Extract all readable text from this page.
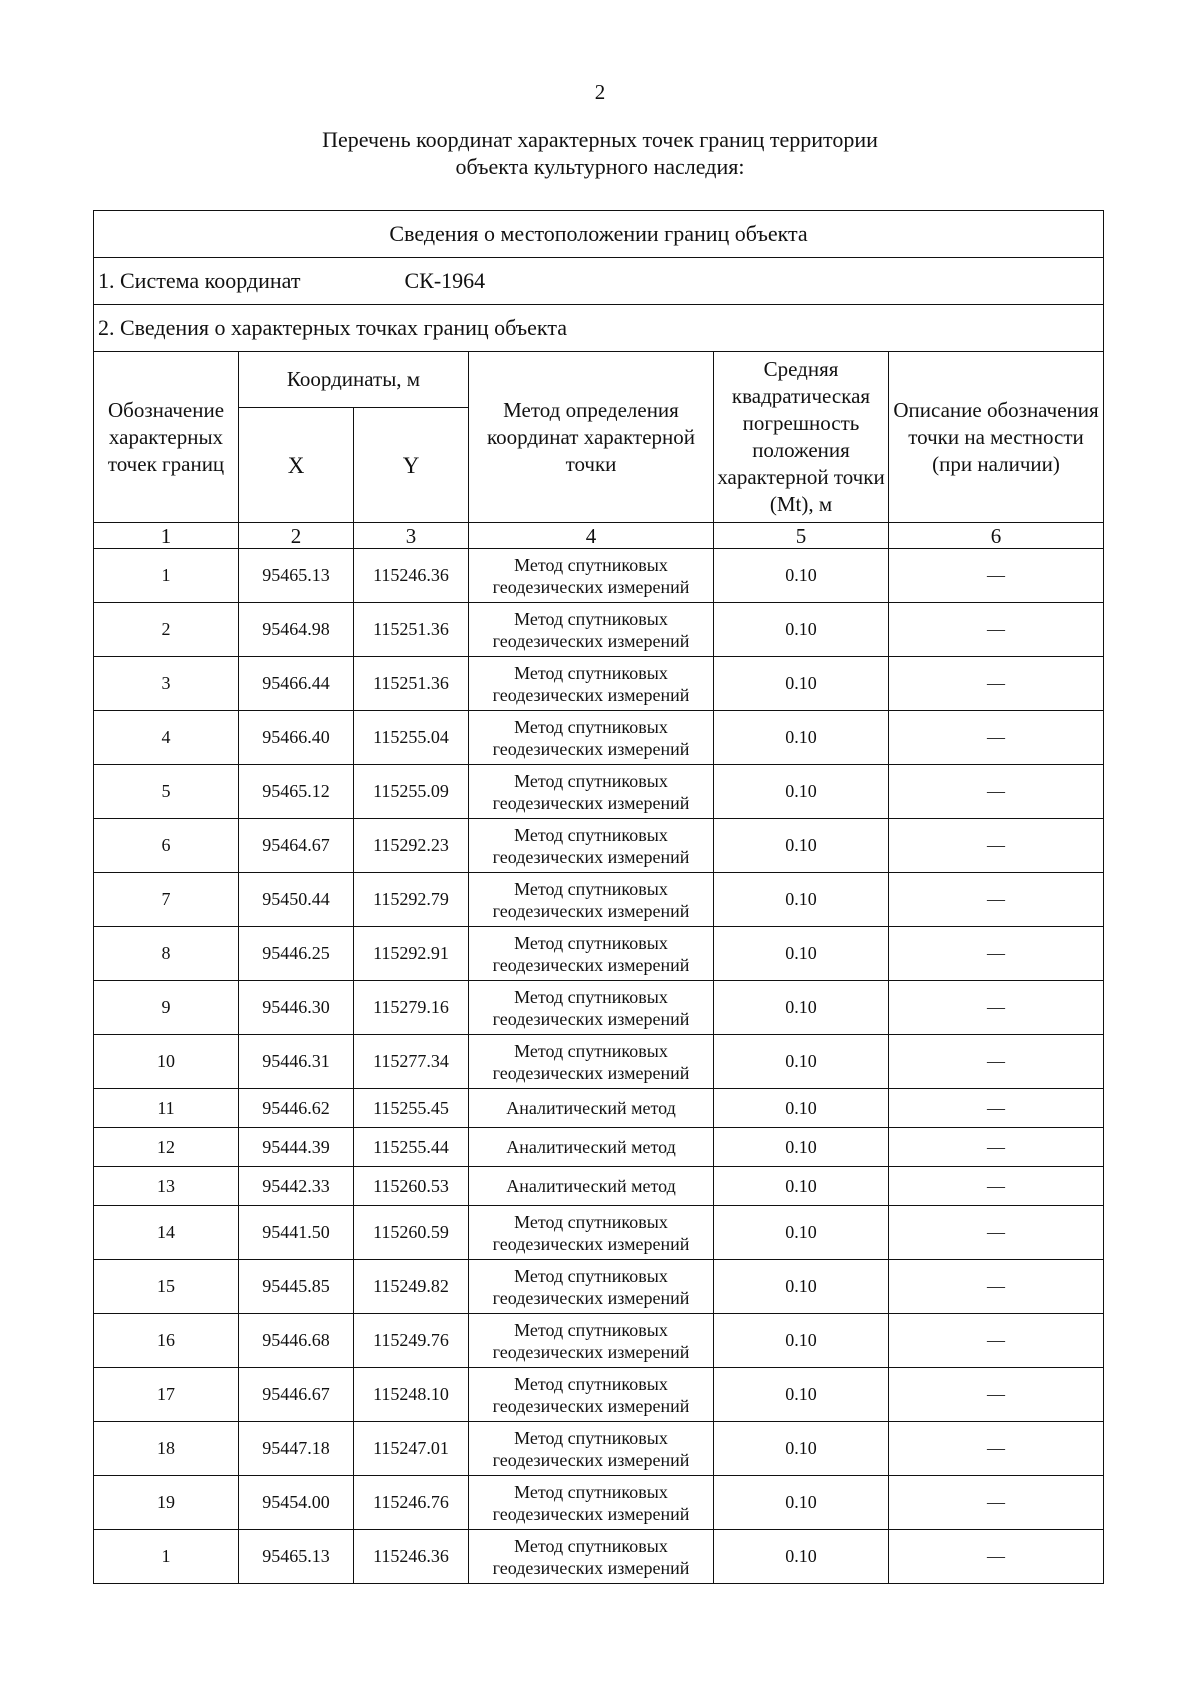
2
Перечень координат характерных точек границ территории
объекта культурного наследия:
Сведения о местоположении границ объекта					
1. Система координат СК-1964					
2. Сведения о характерных точках границ объекта					
Обозначение характерных точек границ	Координаты, м		Метод определения координат характерной точки	Средняя квадратическая погрешность положения характерной точки (Mt), м	Описание обозначения точки на местности (при наличии)
	X	Y			
1	2	3	4	5	6
1	95465.13	115246.36	Метод спутниковых геодезических измерений	0.10	—
2	95464.98	115251.36	Метод спутниковых геодезических измерений	0.10	—
3	95466.44	115251.36	Метод спутниковых геодезических измерений	0.10	—
4	95466.40	115255.04	Метод спутниковых геодезических измерений	0.10	—
5	95465.12	115255.09	Метод спутниковых геодезических измерений	0.10	—
6	95464.67	115292.23	Метод спутниковых геодезических измерений	0.10	—
7	95450.44	115292.79	Метод спутниковых геодезических измерений	0.10	—
8	95446.25	115292.91	Метод спутниковых геодезических измерений	0.10	—
9	95446.30	115279.16	Метод спутниковых геодезических измерений	0.10	—
10	95446.31	115277.34	Метод спутниковых геодезических измерений	0.10	—
11	95446.62	115255.45	Аналитический метод	0.10	—
12	95444.39	115255.44	Аналитический метод	0.10	—
13	95442.33	115260.53	Аналитический метод	0.10	—
14	95441.50	115260.59	Метод спутниковых геодезических измерений	0.10	—
15	95445.85	115249.82	Метод спутниковых геодезических измерений	0.10	—
16	95446.68	115249.76	Метод спутниковых геодезических измерений	0.10	—
17	95446.67	115248.10	Метод спутниковых геодезических измерений	0.10	—
18	95447.18	115247.01	Метод спутниковых геодезических измерений	0.10	—
19	95454.00	115246.76	Метод спутниковых геодезических измерений	0.10	—
1	95465.13	115246.36	Метод спутниковых геодезических измерений	0.10	—
